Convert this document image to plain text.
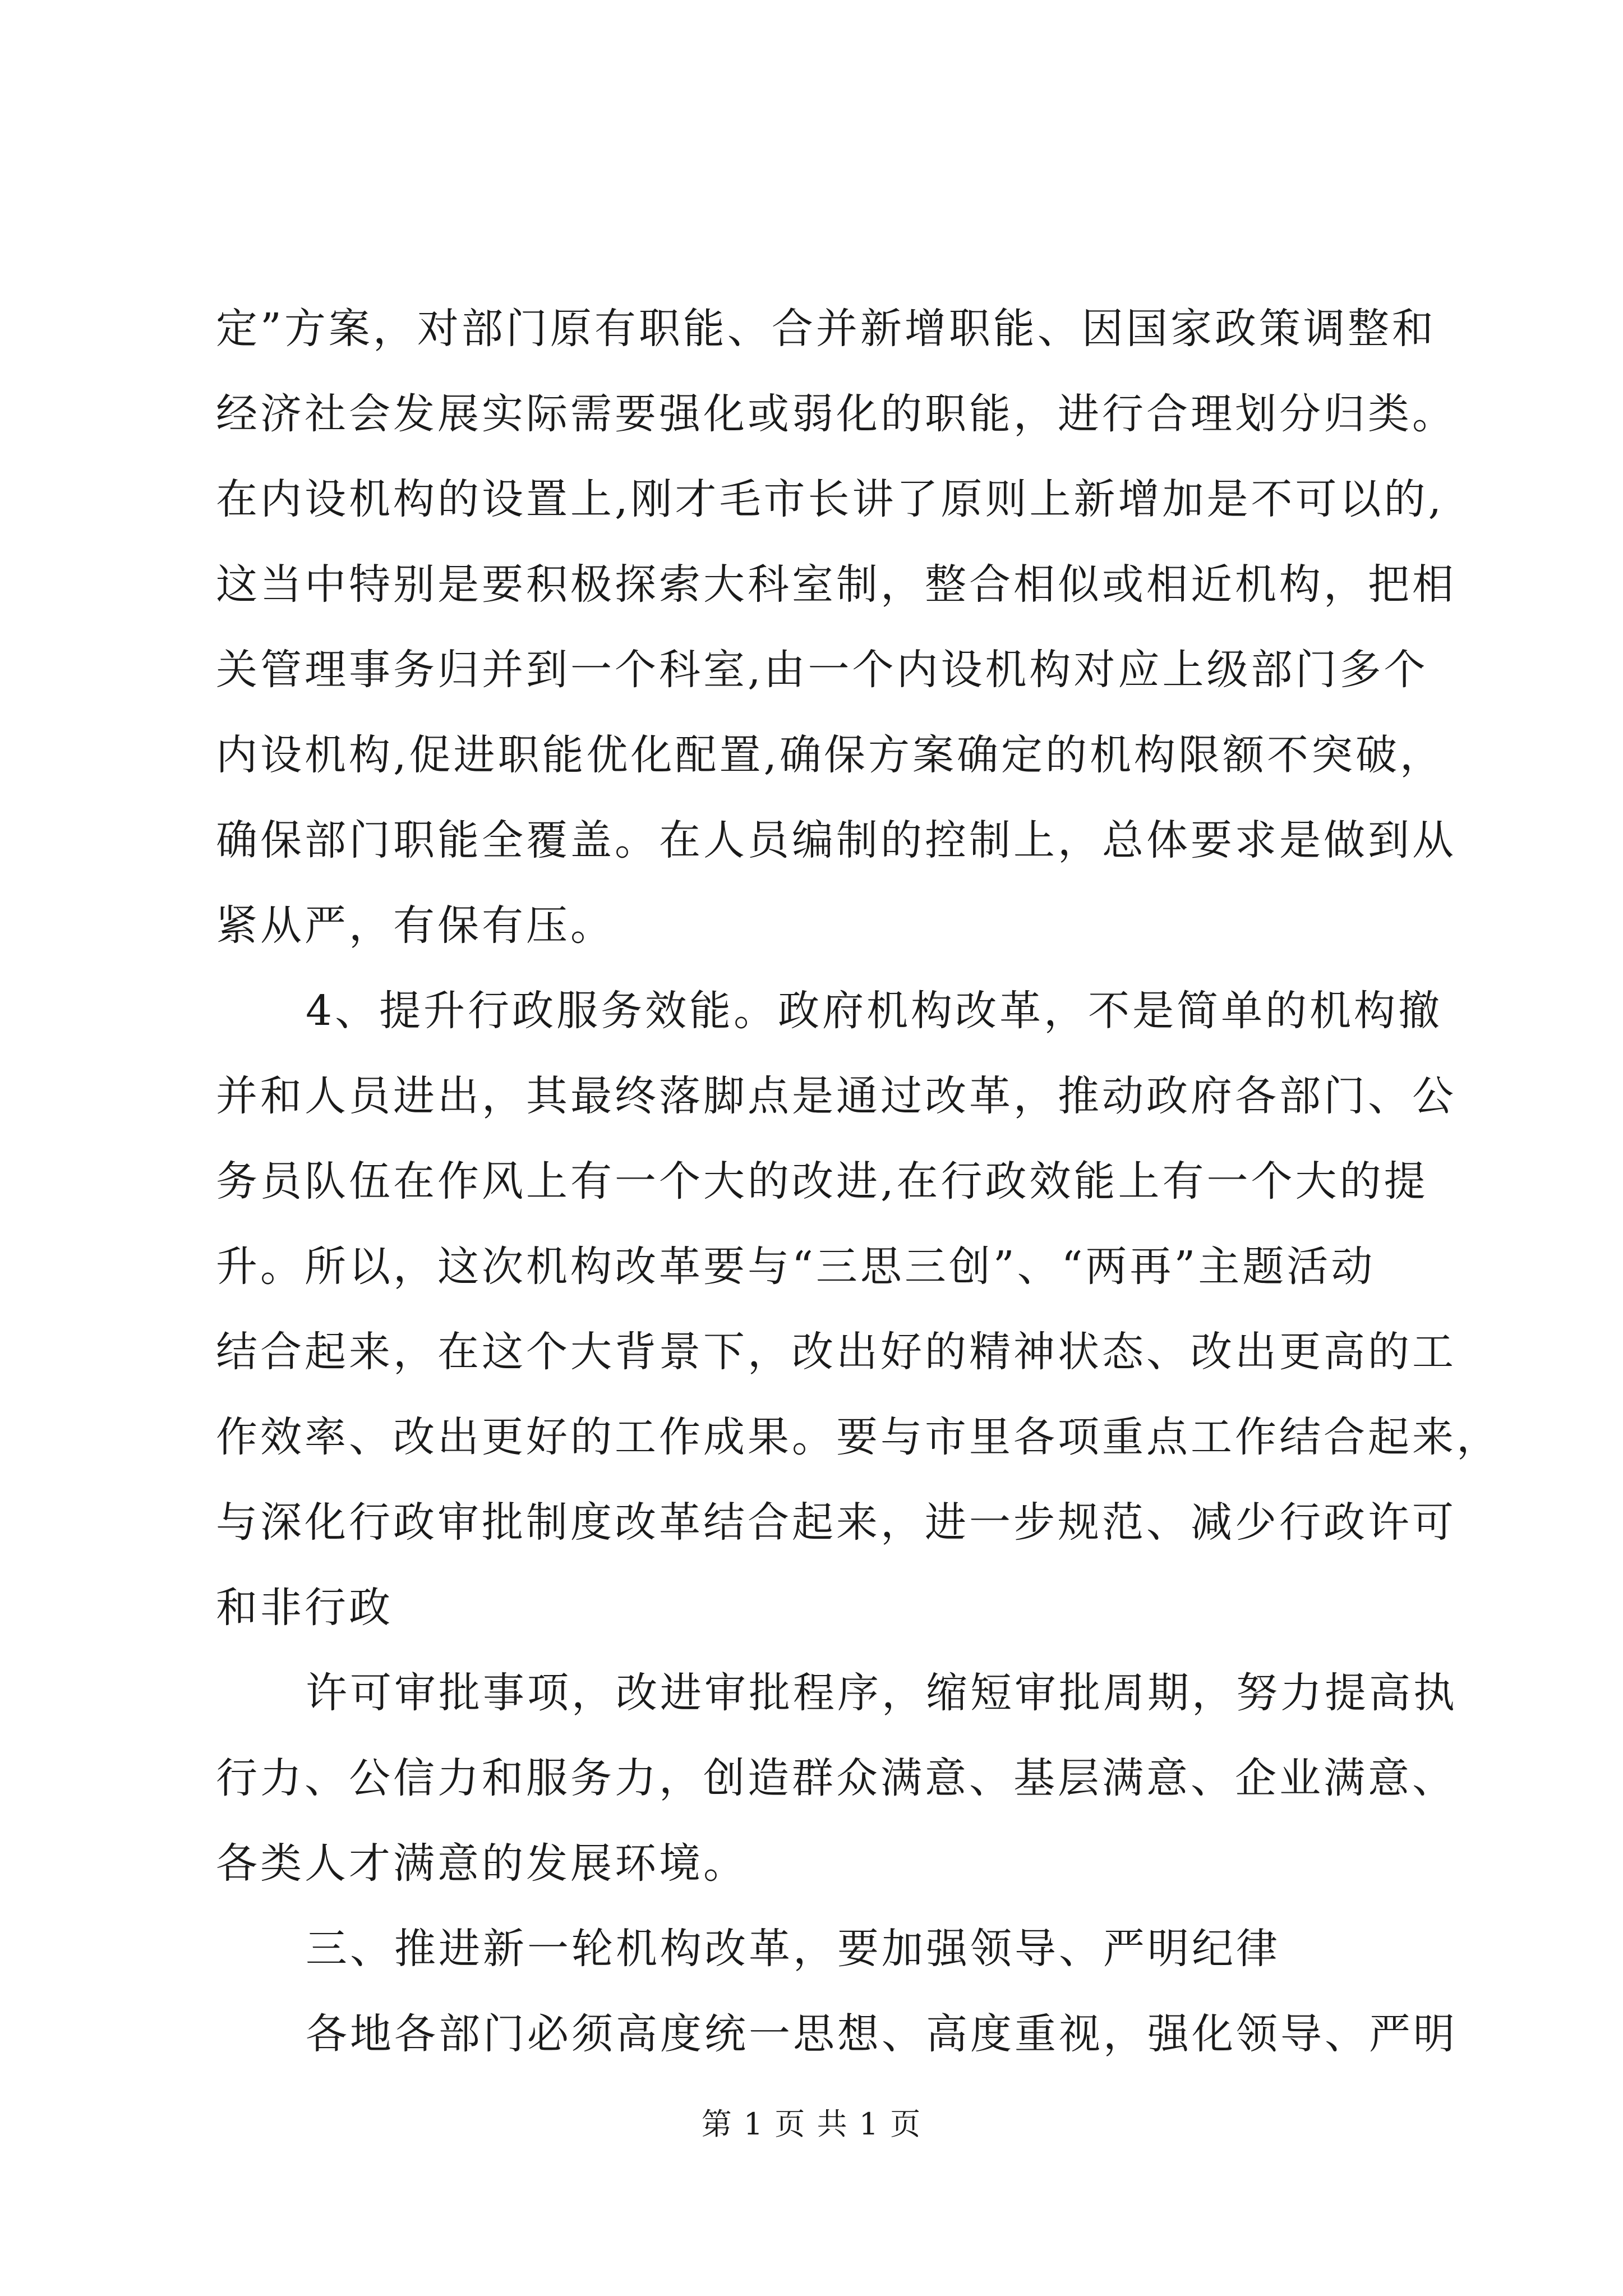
定”方案，对部门原有职能、合并新增职能、因国家政策调整和
经济社会发展实际需要强化或弱化的职能，进行合理划分归类。
在内设机构的设置上,刚才毛市长讲了原则上新增加是不可以的,
这当中特别是要积极探索大科室制，整合相似或相近机构，把相
关管理事务归并到一个科室,由一个内设机构对应上级部门多个
内设机构,促进职能优化配置,确保方案确定的机构限额不突破，
确保部门职能全覆盖。在人员编制的控制上，总体要求是做到从
紧从严，有保有压。
4、提升行政服务效能。政府机构改革，不是简单的机构撤
并和人员进出，其最终落脚点是通过改革，推动政府各部门、公
务员队伍在作风上有一个大的改进,在行政效能上有一个大的提
升。所以，这次机构改革要与“三思三创”、“两再”主题活动
结合起来，在这个大背景下，改出好的精神状态、改出更高的工
作效率、改出更好的工作成果。要与市里各项重点工作结合起来，
与深化行政审批制度改革结合起来，进一步规范、减少行政许可
和非行政
许可审批事项，改进审批程序，缩短审批周期，努力提高执
行力、公信力和服务力，创造群众满意、基层满意、企业满意、
各类人才满意的发展环境。
三、推进新一轮机构改革，要加强领导、严明纪律
各地各部门必须高度统一思想、高度重视，强化领导、严明
第 1 页 共 1 页
